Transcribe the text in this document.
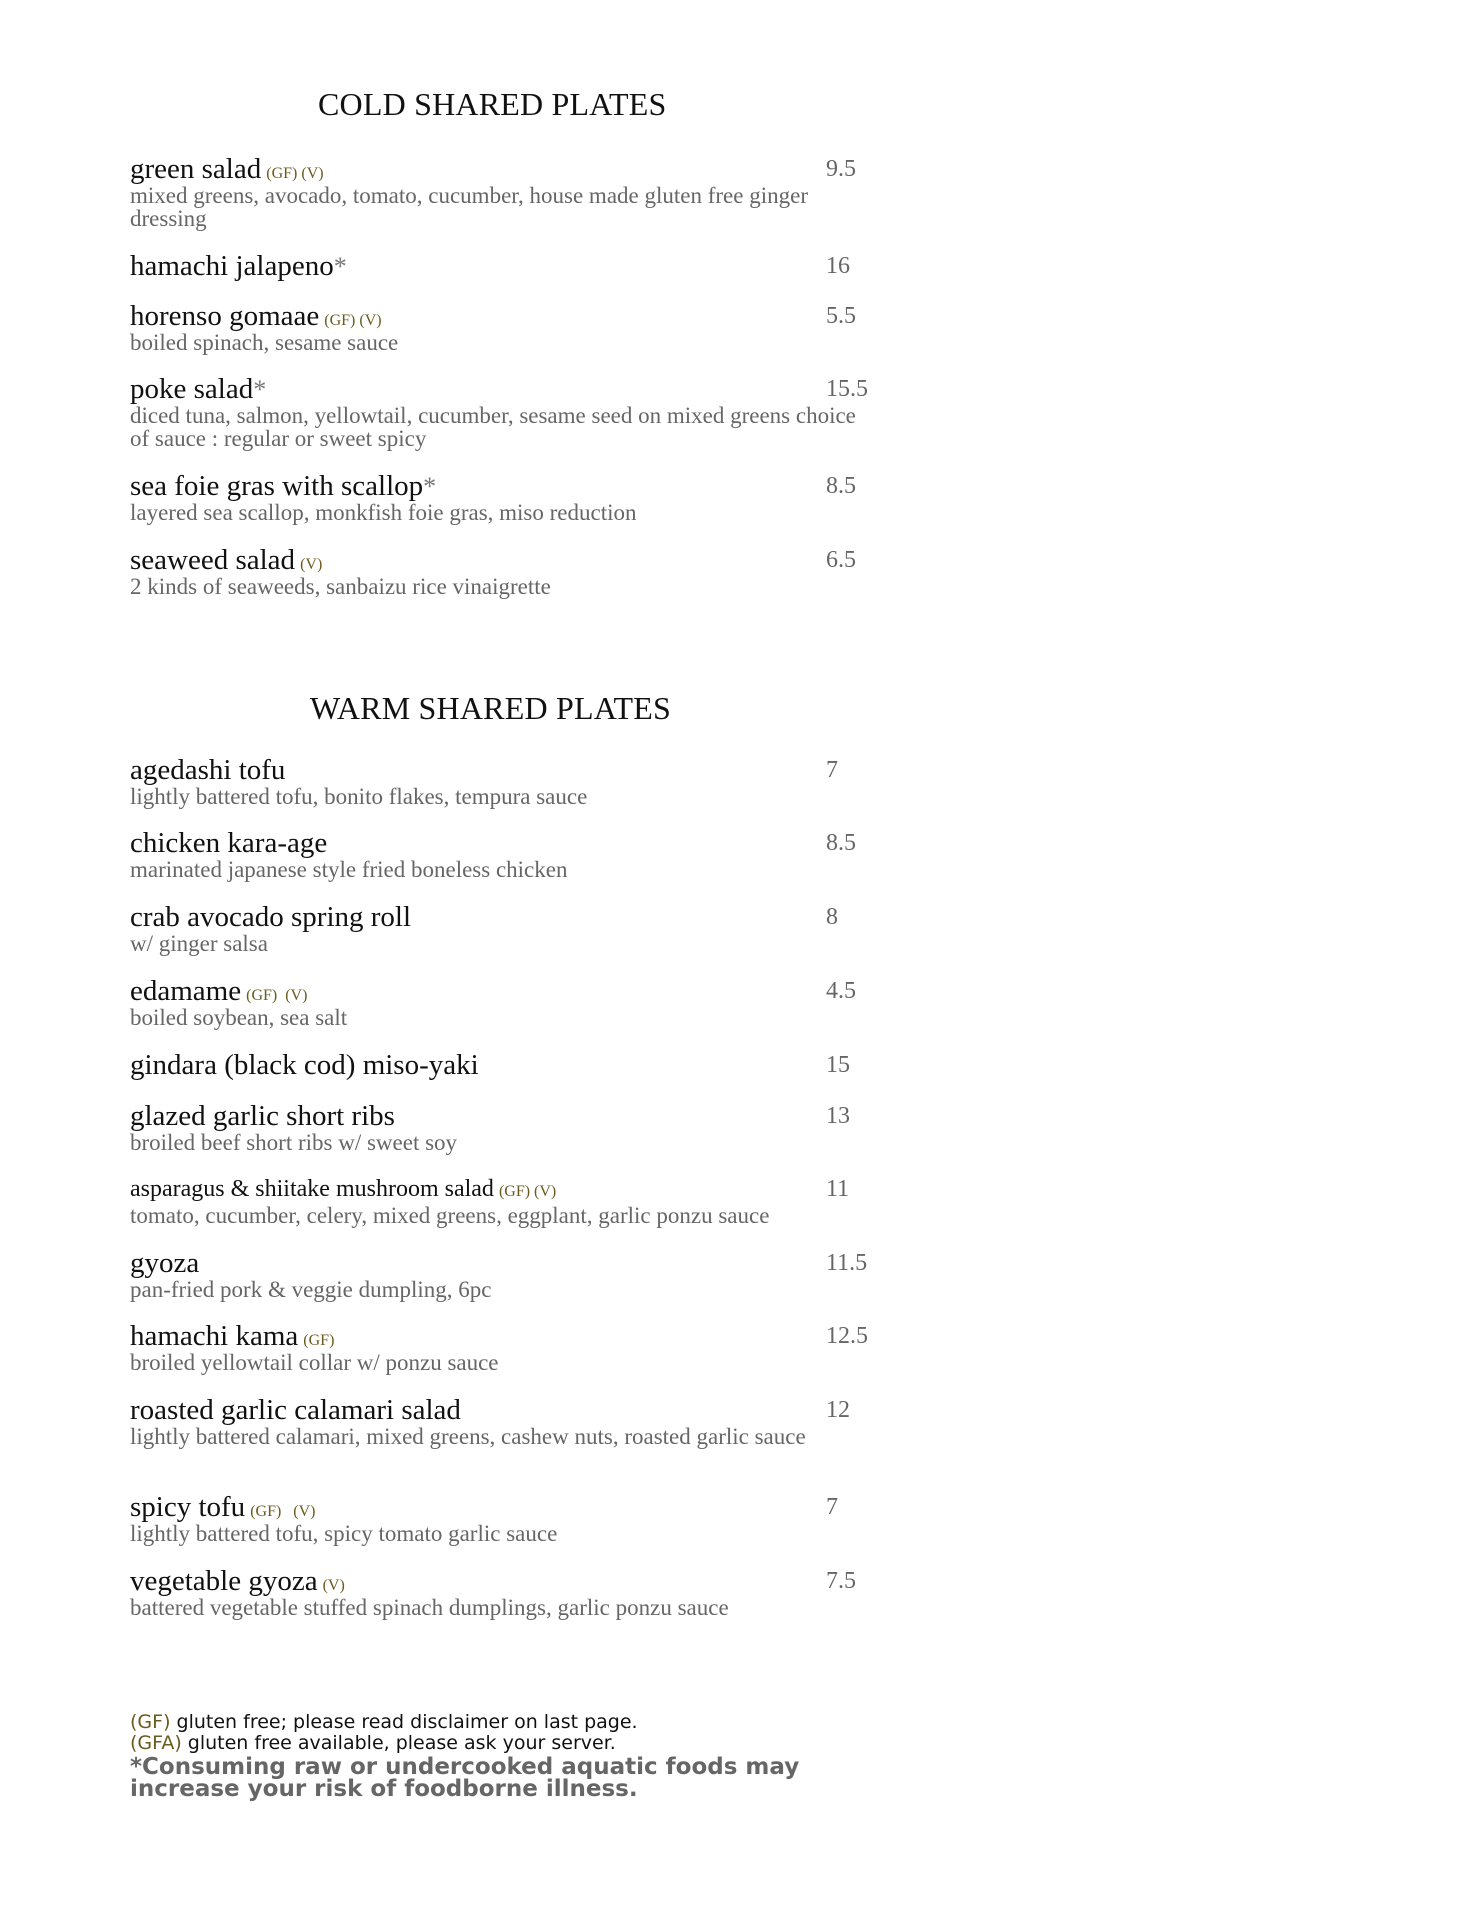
COLD SHARED PLATES
green salad (GF) (V)	9.5
mixed greens, avocado, tomato, cucumber, house made gluten free ginger dressing
hamachi jalapeno*	16
horenso gomaae (GF) (V)	5.5
boiled spinach, sesame sauce
poke salad*	15.5
diced tuna, salmon, yellowtail, cucumber, sesame seed on mixed greens choice of sauce : regular or sweet spicy
sea foie gras with scallop*	8.5
layered sea scallop, monkfish foie gras, miso reduction
seaweed salad (V)	6.5
2 kinds of seaweeds, sanbaizu rice vinaigrette
WARM SHARED PLATES
agedashi tofu	7
lightly battered tofu, bonito flakes, tempura sauce
chicken kara-age	8.5
marinated japanese style fried boneless chicken
crab avocado spring roll	8
w/ ginger salsa
edamame (GF)  (V)	4.5
boiled soybean, sea salt
gindara (black cod) miso-yaki	15
glazed garlic short ribs	13
broiled beef short ribs w/ sweet soy
asparagus & shiitake mushroom salad (GF) (V)	11
tomato, cucumber, celery, mixed greens, eggplant, garlic ponzu sauce
gyoza	11.5
pan-fried pork & veggie dumpling, 6pc
hamachi kama (GF)	12.5
broiled yellowtail collar w/ ponzu sauce
roasted garlic calamari salad	12
lightly battered calamari, mixed greens, cashew nuts, roasted garlic sauce
spicy tofu (GF)   (V)	7
lightly battered tofu, spicy tomato garlic sauce
vegetable gyoza (V)	7.5
battered vegetable stuffed spinach dumplings, garlic ponzu sauce
(GF) gluten free; please read disclaimer on last page.
(GFA) gluten free available, please ask your server.
*Consuming raw or undercooked aquatic foods may increase your risk of foodborne illness.
